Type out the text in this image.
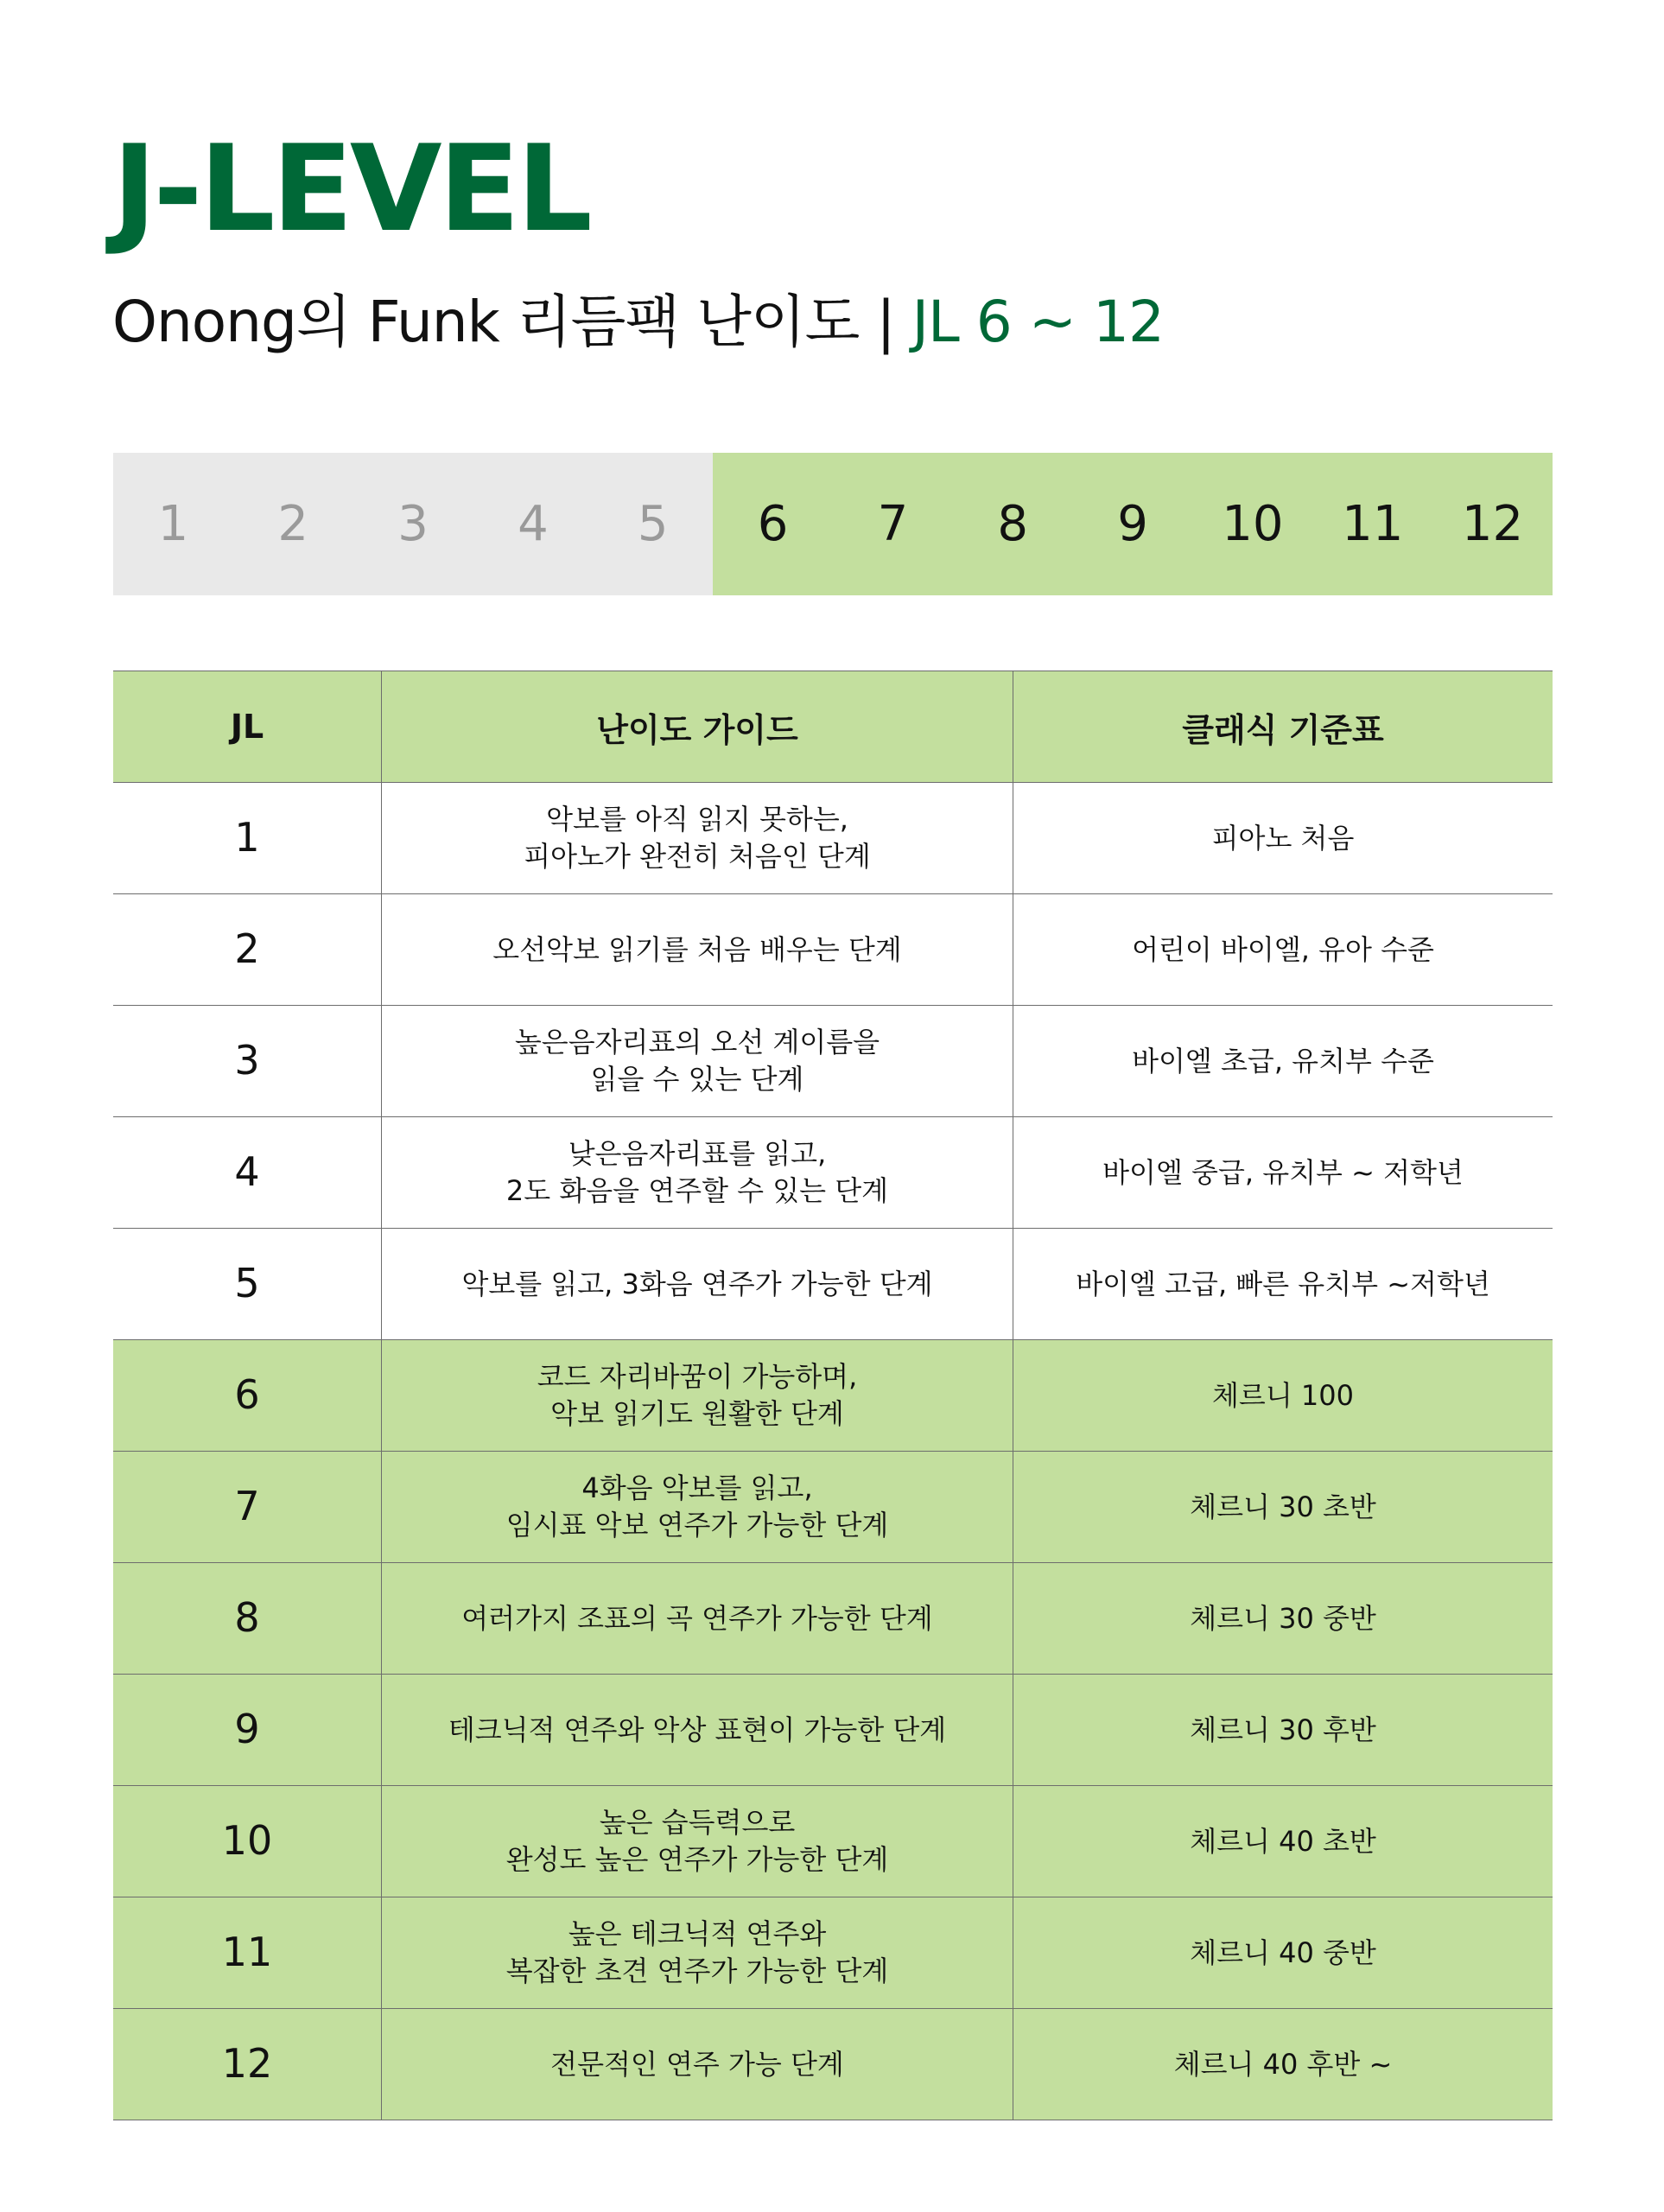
J-LEVEL
Onong의 Funk 리듬팩 난이도 | JL 6 ~ 12
1	2	3	4	5	6	7	8	9	10	11	12
JL	난이도 가이드	클래식 기준표
1	악보를 아직 읽지 못하는,
피아노가 완전히 처음인 단계	피아노 처음
2	오선악보 읽기를 처음 배우는 단계	어린이 바이엘, 유아 수준
3	높은음자리표의 오선 계이름을
읽을 수 있는 단계	바이엘 초급, 유치부 수준
4	낮은음자리표를 읽고,
2도 화음을 연주할 수 있는 단계	바이엘 중급, 유치부 ~ 저학년
5	악보를 읽고, 3화음 연주가 가능한 단계	바이엘 고급, 빠른 유치부 ~저학년
6	코드 자리바꿈이 가능하며,
악보 읽기도 원활한 단계	체르니 100
7	4화음 악보를 읽고,
임시표 악보 연주가 가능한 단계	체르니 30 초반
8	여러가지 조표의 곡 연주가 가능한 단계	체르니 30 중반
9	테크닉적 연주와 악상 표현이 가능한 단계	체르니 30 후반
10	높은 습득력으로
완성도 높은 연주가 가능한 단계	체르니 40 초반
11	높은 테크닉적 연주와
복잡한 초견 연주가 가능한 단계	체르니 40 중반
12	전문적인 연주 가능 단계	체르니 40 후반 ~
